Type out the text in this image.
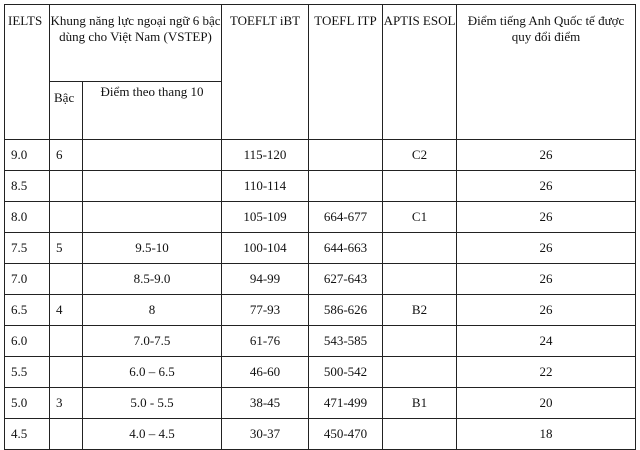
IELTS	Khung năng lực ngoại ngữ 6 bậc dùng cho Việt Nam (VSTEP)		TOEFLT iBT	TOEFL ITP	APTIS ESOL	Điểm tiếng Anh Quốc tế được quy đổi điểm
	Bậc	Điểm theo thang 10				
9.0	6		115-120		C2	26
8.5			110-114			26
8.0			105-109	664-677	C1	26
7.5	5	9.5-10	100-104	644-663		26
7.0		8.5-9.0	94-99	627-643		26
6.5	4	8	77-93	586-626	B2	26
6.0		7.0-7.5	61-76	543-585		24
5.5		6.0 – 6.5	46-60	500-542		22
5.0	3	5.0 - 5.5	38-45	471-499	B1	20
4.5		4.0 – 4.5	30-37	450-470		18
